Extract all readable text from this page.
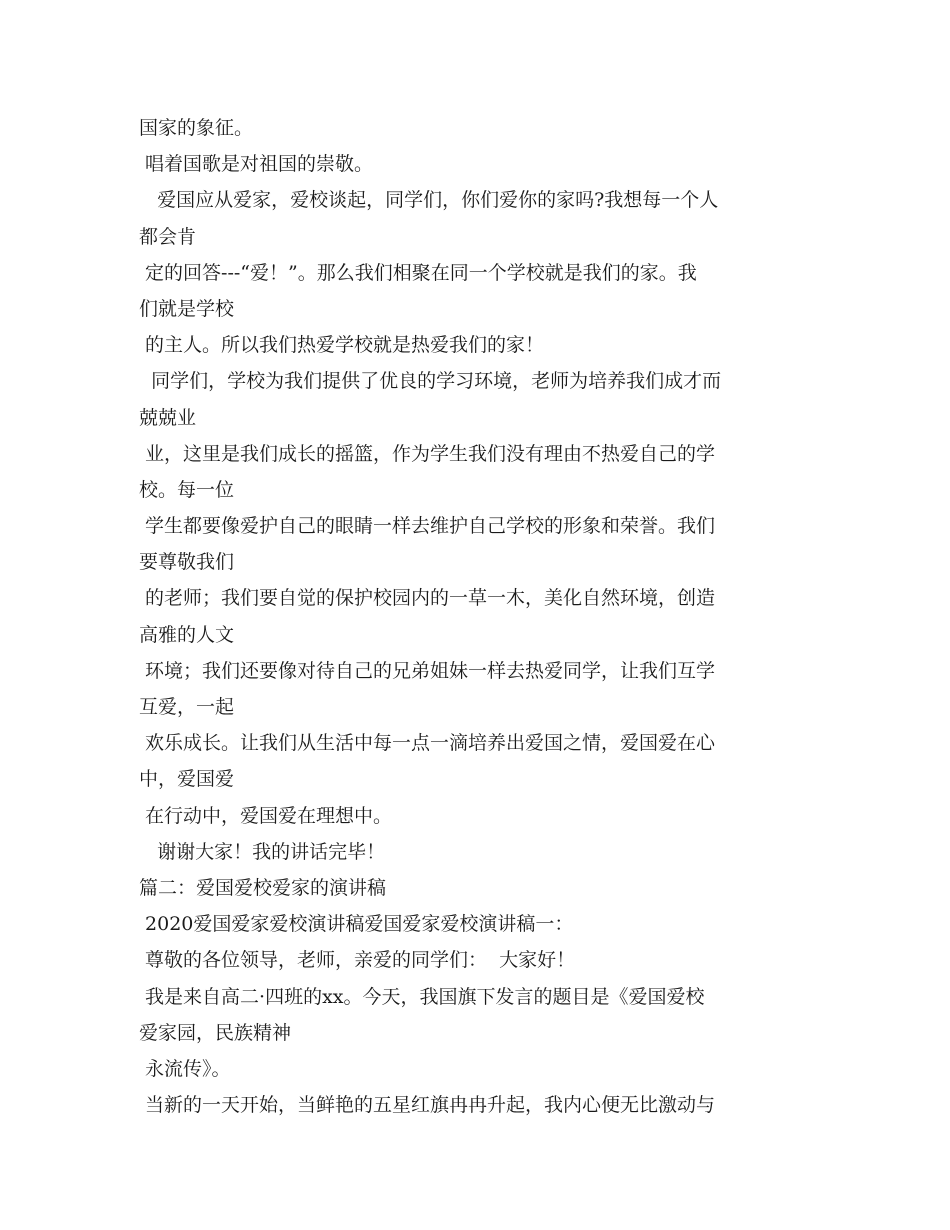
国家的象征。
唱着国歌是对祖国的崇敬。
爱国应从爱家，爱校谈起，同学们，你们爱你的家吗?我想每一个人
都会肯
定的回答---“爱！”。那么我们相聚在同一个学校就是我们的家。我
们就是学校
的主人。所以我们热爱学校就是热爱我们的家！
同学们，学校为我们提供了优良的学习环境，老师为培养我们成才而
兢兢业
业，这里是我们成长的摇篮，作为学生我们没有理由不热爱自己的学
校。每一位
学生都要像爱护自己的眼睛一样去维护自己学校的形象和荣誉。我们
要尊敬我们
的老师；我们要自觉的保护校园内的一草一木，美化自然环境，创造
高雅的人文
环境；我们还要像对待自己的兄弟姐妹一样去热爱同学，让我们互学
互爱，一起
欢乐成长。让我们从生活中每一点一滴培养出爱国之情，爱国爱在心
中，爱国爱
在行动中，爱国爱在理想中。
谢谢大家！我的讲话完毕！
篇二：爱国爱校爱家的演讲稿
2020爱国爱家爱校演讲稿爱国爱家爱校演讲稿一：
尊敬的各位领导，老师，亲爱的同学们：  大家好！
我是来自高二·四班的xx。今天，我国旗下发言的题目是《爱国爱校
爱家园，民族精神
永流传》。
当新的一天开始，当鲜艳的五星红旗冉冉升起，我内心便无比激动与
